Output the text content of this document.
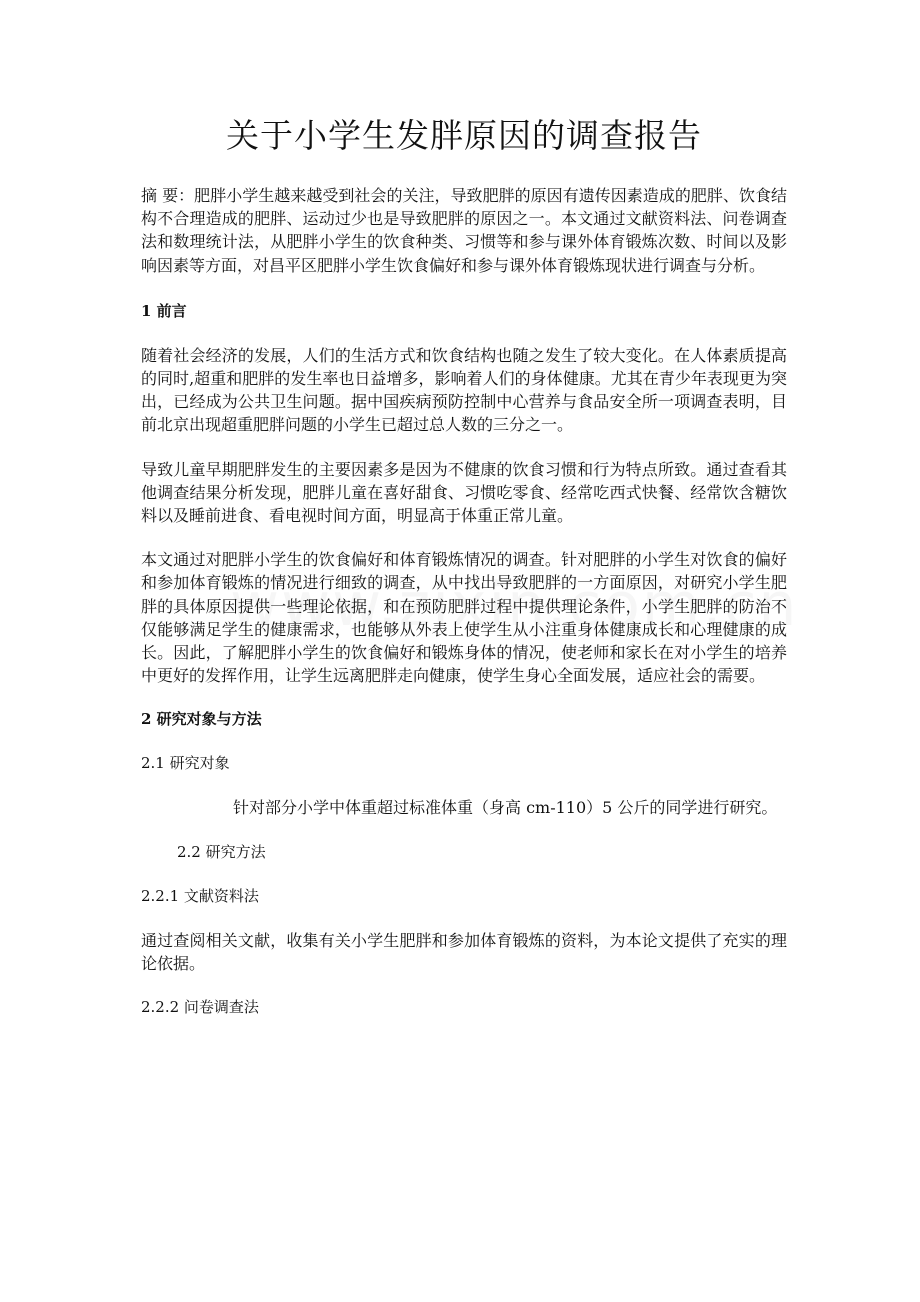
关于小学生发胖原因的调查报告

摘 要：肥胖小学生越来越受到社会的关注，导致肥胖的原因有遗传因素造成的肥胖、饮食结构不合理造成的肥胖、运动过少也是导致肥胖的原因之一。本文通过文献资料法、问卷调查法和数理统计法，从肥胖小学生的饮食种类、习惯等和参与课外体育锻炼次数、时间以及影响因素等方面，对昌平区肥胖小学生饮食偏好和参与课外体育锻炼现状进行调查与分析。

1 前言

随着社会经济的发展，人们的生活方式和饮食结构也随之发生了较大变化。在人体素质提高的同时,超重和肥胖的发生率也日益增多，影响着人们的身体健康。尤其在青少年表现更为突出，已经成为公共卫生问题。据中国疾病预防控制中心营养与食品安全所一项调查表明，目前北京出现超重肥胖问题的小学生已超过总人数的三分之一。

导致儿童早期肥胖发生的主要因素多是因为不健康的饮食习惯和行为特点所致。通过查看其他调查结果分析发现，肥胖儿童在喜好甜食、习惯吃零食、经常吃西式快餐、经常饮含糖饮料以及睡前进食、看电视时间方面，明显高于体重正常儿童。

本文通过对肥胖小学生的饮食偏好和体育锻炼情况的调查。针对肥胖的小学生对饮食的偏好和参加体育锻炼的情况进行细致的调查，从中找出导致肥胖的一方面原因，对研究小学生肥胖的具体原因提供一些理论依据，和在预防肥胖过程中提供理论条件，小学生肥胖的防治不仅能够满足学生的健康需求，也能够从外表上使学生从小注重身体健康成长和心理健康的成长。因此，了解肥胖小学生的饮食偏好和锻炼身体的情况，使老师和家长在对小学生的培养中更好的发挥作用，让学生远离肥胖走向健康，使学生身心全面发展，适应社会的需要。

2 研究对象与方法
2.1 研究对象

针对部分小学中体重超过标准体重（身高 cm-110）5 公斤的同学进行研究。

2.2 研究方法
2.2.1 文献资料法

通过查阅相关文献，收集有关小学生肥胖和参加体育锻炼的资料，为本论文提供了充实的理论依据。

2.2.2 问卷调查法
